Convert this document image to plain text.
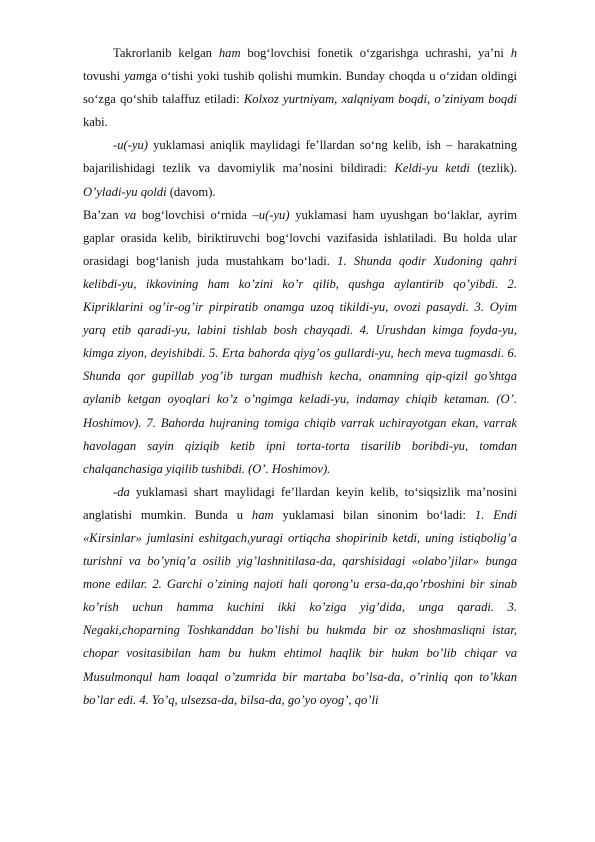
Takrorlanib kelgan ham bog‘lovchisi fonetik o‘zgarishga uchrashi, ya’ni h tovushi yamga o‘tishi yoki tushib qolishi mumkin. Bunday choqda u o‘zidan oldingi so‘zga qo‘shib talaffuz etiladi: Kolxoz yurtniyam, xalqniyam boqdi, o’ziniyam boqdi kabi.

-u(-yu) yuklamasi aniqlik maylidagi fe’llardan so‘ng kelib, ish – harakatning bajarilishidagi tezlik va davomiylik ma’nosini bildiradi: Keldi-yu ketdi (tezlik). O’yladi-yu qoldi (davom).

Ba’zan va bog‘lovchisi o‘rnida –u(-yu) yuklamasi ham uyushgan bo‘laklar, ayrim gaplar orasida kelib, biriktiruvchi bog‘lovchi vazifasida ishlatiladi. Bu holda ular orasidagi bog‘lanish juda mustahkam bo‘ladi. 1. Shunda qodir Xudoning qahri kelibdi-yu, ikkovining ham ko’zini ko’r qilib, qushga aylantirib qo’yibdi. 2. Kipriklarini og’ir-og’ir pirpiratib onamga uzoq tikildi-yu, ovozi pasaydi. 3. Oyim yarq etib qaradi-yu, labini tishlab bosh chayqadi. 4. Urushdan kimga foyda-yu, kimga ziyon, deyishibdi. 5. Erta bahorda qiyg’os gullardi-yu, hech meva tugmasdi. 6. Shunda qor gupillab yog’ib turgan mudhish kecha, onamning qip-qizil go’shtga aylanib ketgan oyoqlari ko’z o’ngimga keladi-yu, indamay chiqib ketaman. (O’. Hoshimov). 7. Bahorda hujraning tomiga chiqib varrak uchirayotgan ekan, varrak havolagan sayin qiziqib ketib ipni torta-torta tisarilib boribdi-yu, tomdan chalqanchasiga yiqilib tushibdi. (O’. Hoshimov).

-da yuklamasi shart maylidagi fe’llardan keyin kelib, to‘siqsizlik ma’nosini anglatishi mumkin. Bunda u ham yuklamasi bilan sinonim bo‘ladi: 1. Endi «Kirsinlar» jumlasini eshitgach,yuragi ortiqcha shopirinib ketdi, uning istiqbolig’a turishni va bo’yniq’a osilib yig’lashnitilasa-da, qarshisidagi «olabo’jilar» bunga mone edilar. 2. Garchi o’zining najoti hali qorong’u ersa-da,qo’rboshini bir sinab ko’rish uchun hamma kuchini ikki ko’ziga yig’dida, unga qaradi. 3. Negaki,choparning Toshkanddan bo’lishi bu hukmda bir oz shoshmasliqni istar, chopar vositasibilan ham bu hukm ehtimol haqlik bir hukm bo’lib chiqar va Musulmonqul ham loaqal o’zumrida bir martaba bo’lsa-da, o’rinliq qon to’kkan bo’lar edi. 4. Yo’q, ulsezsa-da, bilsa-da, go’yo oyog’, qo’li
